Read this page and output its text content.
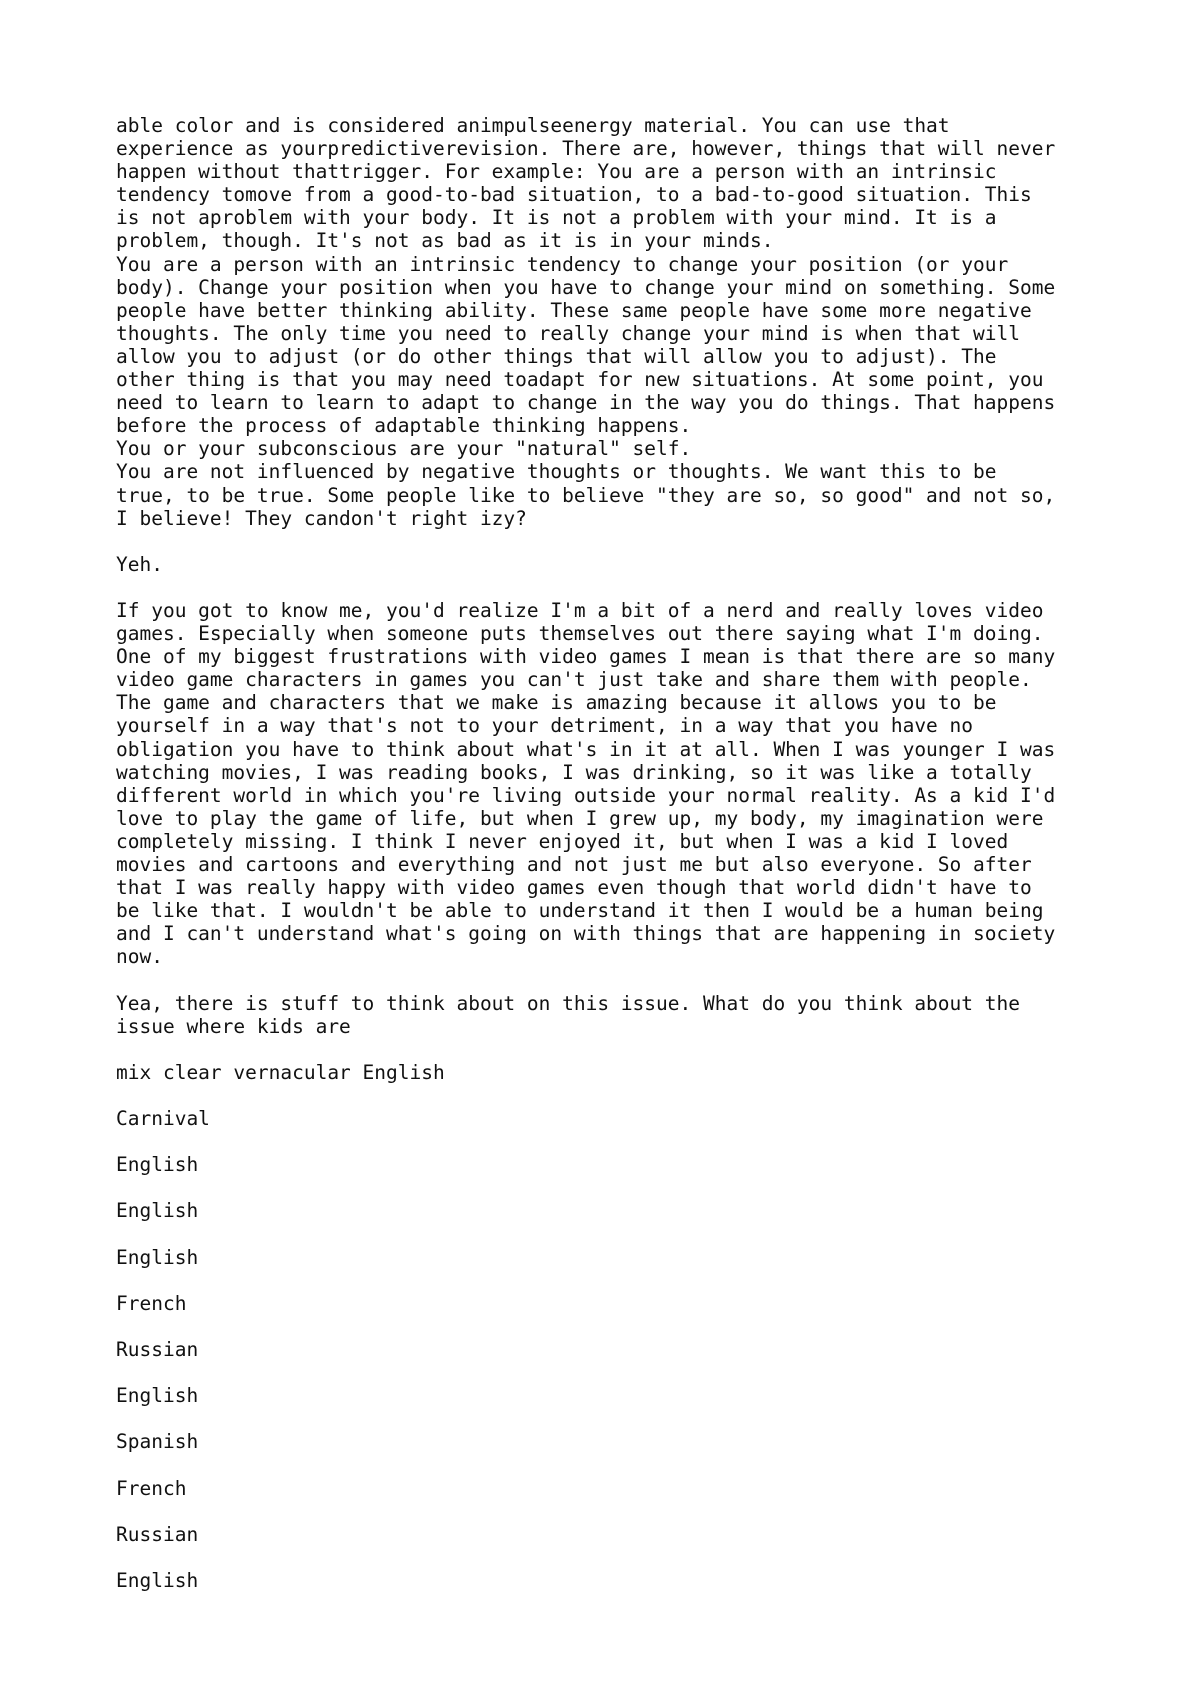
able color and is considered animpulseenergy material. You can use that
experience as yourpredictiverevision. There are, however, things that will never
happen without thattrigger. For example: You are a person with an intrinsic
tendency tomove from a good-to-bad situation, to a bad-to-good situation. This
is not aproblem with your body. It is not a problem with your mind. It is a
problem, though. It's not as bad as it is in your minds.
You are a person with an intrinsic tendency to change your position (or your
body). Change your position when you have to change your mind on something. Some
people have better thinking ability. These same people have some more negative
thoughts. The only time you need to really change your mind is when that will
allow you to adjust (or do other things that will allow you to adjust). The
other thing is that you may need toadapt for new situations. At some point, you
need to learn to learn to adapt to change in the way you do things. That happens
before the process of adaptable thinking happens.
You or your subconscious are your "natural" self.
You are not influenced by negative thoughts or thoughts. We want this to be
true, to be true. Some people like to believe "they are so, so good" and not so,
I believe! They candon't right izy?

Yeh.

If you got to know me, you'd realize I'm a bit of a nerd and really loves video
games. Especially when someone puts themselves out there saying what I'm doing.
One of my biggest frustrations with video games I mean is that there are so many
video game characters in games you can't just take and share them with people.
The game and characters that we make is amazing because it allows you to be
yourself in a way that's not to your detriment, in a way that you have no
obligation you have to think about what's in it at all. When I was younger I was
watching movies, I was reading books, I was drinking, so it was like a totally
different world in which you're living outside your normal reality. As a kid I'd
love to play the game of life, but when I grew up, my body, my imagination were
completely missing. I think I never enjoyed it, but when I was a kid I loved
movies and cartoons and everything and not just me but also everyone. So after
that I was really happy with video games even though that world didn't have to
be like that. I wouldn't be able to understand it then I would be a human being
and I can't understand what's going on with things that are happening in society
now.

Yea, there is stuff to think about on this issue. What do you think about the
issue where kids are

mix clear vernacular English

Carnival

English

English

English

French

Russian

English

Spanish

French

Russian

English
